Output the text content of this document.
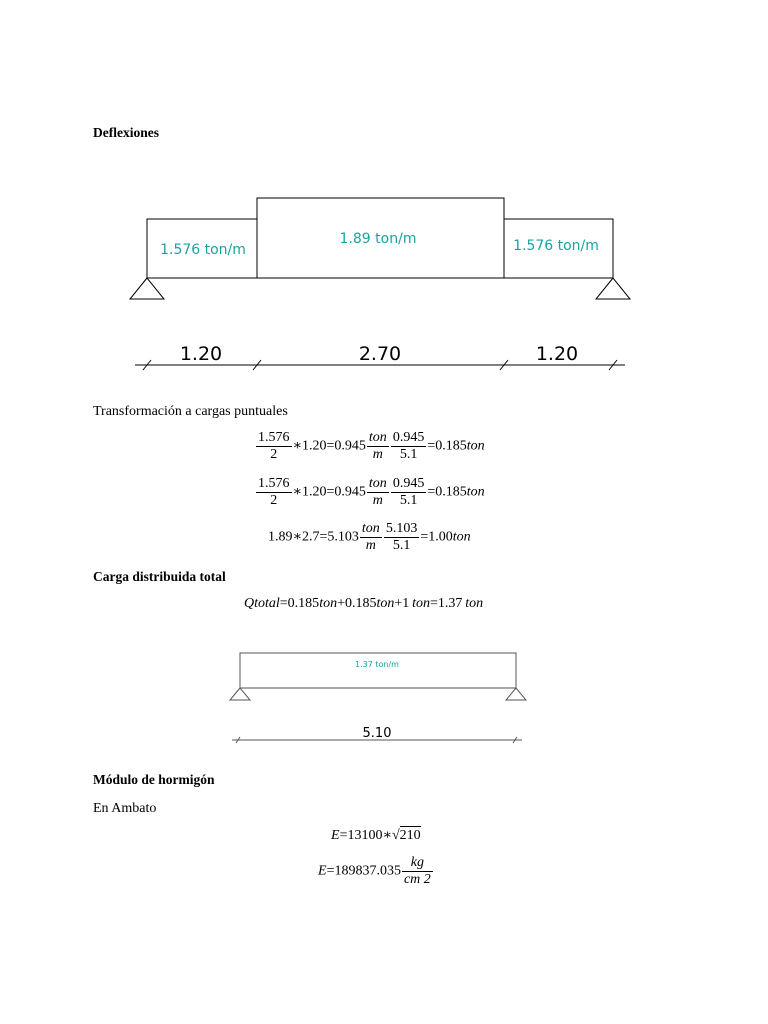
Deflexiones
1.576 ton/m
1.89 ton/m	1.576 ton/m
1.20	2.70	1.20
Transformación a cargas puntuales
$\frac{1.576}{2}$ ∗1.20=0.945 $\frac{\text{ton}}{m} \frac{0.945}{5.1} =0.185ton$
$\frac{1.576}{2}$ ∗1.20=0.945 $\frac{\text{ton}}{m} \frac{0.945}{5.1} =0.185ton$
1.89∗2.7=5.103 $\frac{\text{ton}}{m} \frac{5.103}{5.1} =1.00ton$
Carga distribuida total
Qtotal=0.185ton+0.185ton+1  ton=1.37  ton
1.37 ton/m
5.10
Módulo de hormigón
En Ambato
E=13100∗√210
$E=189837.035 \frac{kg}{cm 2}$
